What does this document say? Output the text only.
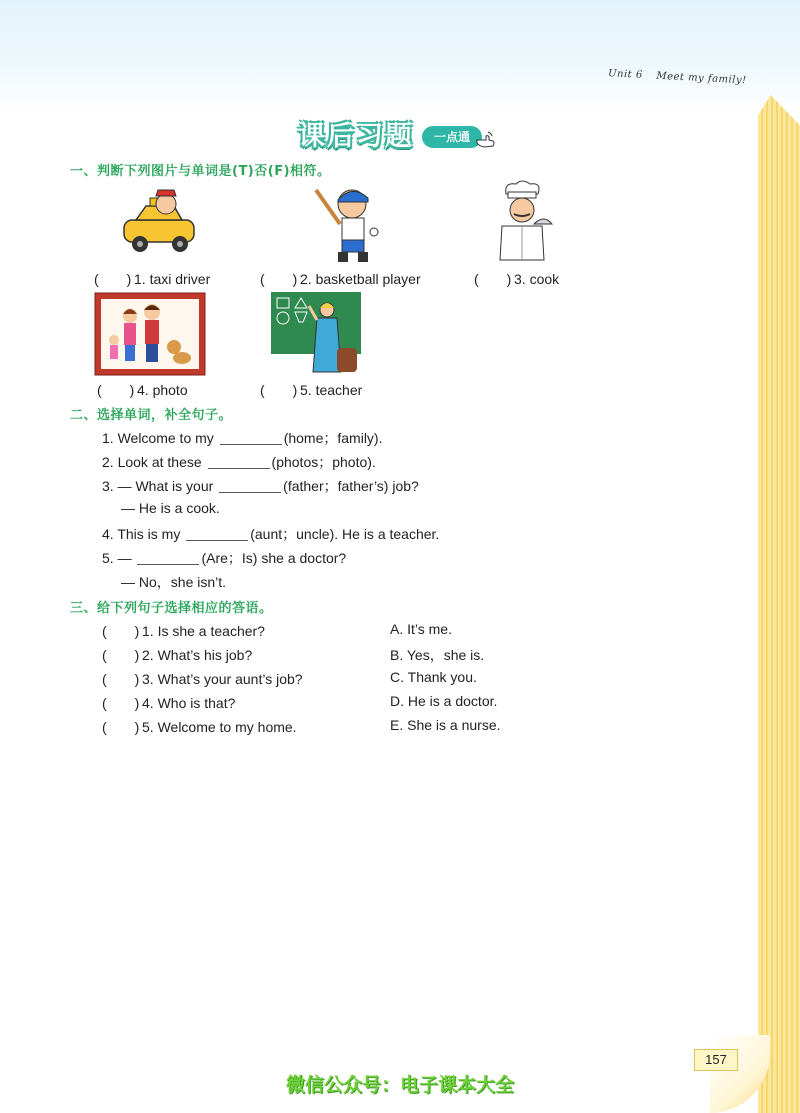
Unit 6 Meet my family!
课后习题	一点通
一、判断下列图片与单词是(T)否(F)相符。
(　　) 1. taxi driver	(　　) 2. basketball player	(　　) 3. cook
(　　) 4. photo	(　　) 5. teacher
二、选择单词，补全句子。
1. Welcome to my	(home；family).
2. Look at these	(photos；photo).
3. — What is your	(father；father’s) job?
— He is a cook.
4. This is my	(aunt；uncle). He is a teacher.
5. —	(Are；Is) she a doctor?
— No，she isn’t.
三、给下列句子选择相应的答语。
(　　) 1. Is she a teacher?
(　　) 2. What’s his job?
(　　) 3. What’s your aunt’s job?
(　　) 4. Who is that?
(　　) 5. Welcome to my home.
A. It’s me.
B. Yes，she is.
C. Thank you.
D. He is a doctor.
E. She is a nurse.
157
微信公众号：电子课本大全
